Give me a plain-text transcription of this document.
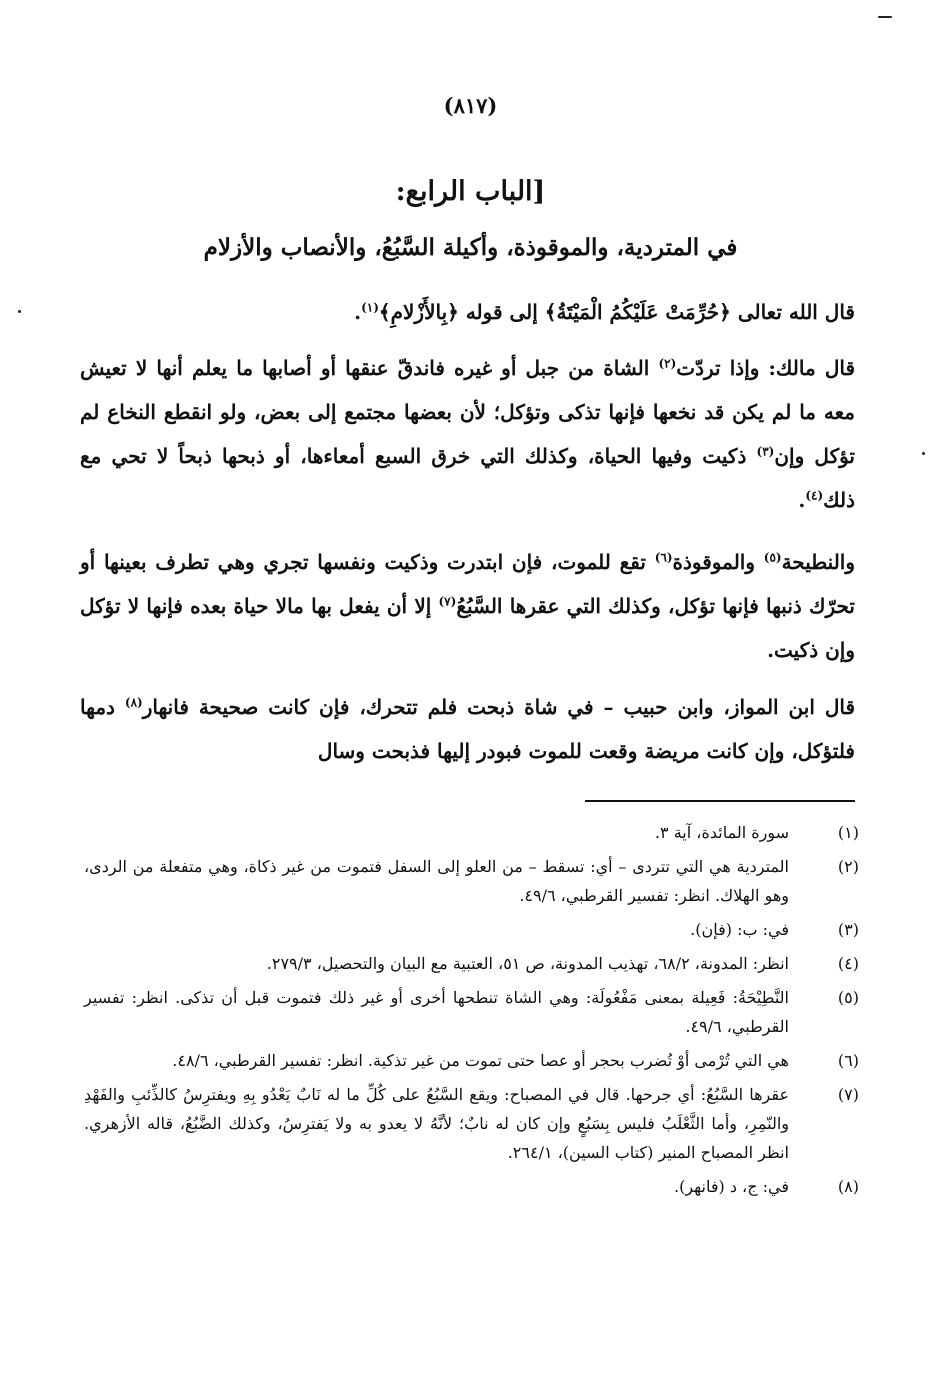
(٨١٧)
[الباب الرابع:
في المتردية، والموقوذة، وأكيلة السَّبُعُ، والأنصاب والأزلام
قال الله تعالى ﴿حُرِّمَتْ عَلَيْكُمُ الْمَيْتَةُ﴾ إلى قوله ﴿بِالأَزْلامِ﴾$^{(١)}$.
قال مالك: وإذا تردّت$^{(٢)}$ الشاة من جبل أو غيره فاندقّ عنقها أو أصابها ما يعلم أنها لا تعيش معه ما لم يكن قد نخعها فإنها تذكى وتؤكل؛ لأن بعضها مجتمع إلى بعض، ولو انقطع النخاع لم تؤكل وإن$^{(٣)}$ ذكيت وفيها الحياة، وكذلك التي خرق السبع أمعاءها، أو ذبحها ذبحاً لا تحي مع ذلك$^{(٤)}$.
والنطيحة$^{(٥)}$ والموقوذة$^{(٦)}$ تقع للموت، فإن ابتدرت وذكيت ونفسها تجري وهي تطرف بعينها أو تحرّك ذنبها فإنها تؤكل، وكذلك التي عقرها السَّبُعُ$^{(٧)}$ إلا أن يفعل بها مالا حياة بعده فإنها لا تؤكل وإن ذكيت.
قال ابن المواز، وابن حبيب – في شاة ذبحت فلم تتحرك، فإن كانت صحيحة فانهار$^{(٨)}$ دمها فلتؤكل، وإن كانت مريضة وقعت للموت فبودر إليها فذبحت وسال
(١)
سورة المائدة، آية ٣.
(٢)
المتردية هي التي تتردى – أي: تسقط – من العلو إلى السفل فتموت من غير ذكاة، وهي متفعلة من الردى، وهو الهلاك. انظر: تفسير القرطبي، ٤٩/٦.
(٣)
في: ب: (فإن).
(٤)
انظر: المدونة، ٦٨/٢، تهذيب المدونة، ص ٥١، العتبية مع البيان والتحصيل، ٢٧٩/٣.
(٥)
النَّطِيْحَةُ: فَعِيلة بمعنى مَفْعُولَة: وهي الشاة تنطحها أخرى أو غير ذلك فتموت قبل أن تذكى. انظر: تفسير القرطبي، ٤٩/٦.
(٦)
هي التي تُرْمى أوْ تُضرب بحجر أو عصا حتى تموت من غير تذكية. انظر: تفسير القرطبي، ٤٨/٦.
(٧)
عقرها السَّبُعُ: أي جرحها. قال في المصباح: ويقع السَّبُعُ على كُلِّ ما له نَابٌ يَعْدُو بِهِ ويفترِسُ كالذِّئبِ والفَهْدِ والنّمِرِ، وأما الثَّعْلَبُ فليس بِسَبُعٍ وإن كان له نابٌ؛ لأنَّهُ لا يعدو به ولا يَفترِسُ، وكذلك الضَّبُعُ، قاله الأزهري. انظر المصباح المنير (كتاب السين)، ٢٦٤/١.
(٨)
في: ج، د (فانهر).
